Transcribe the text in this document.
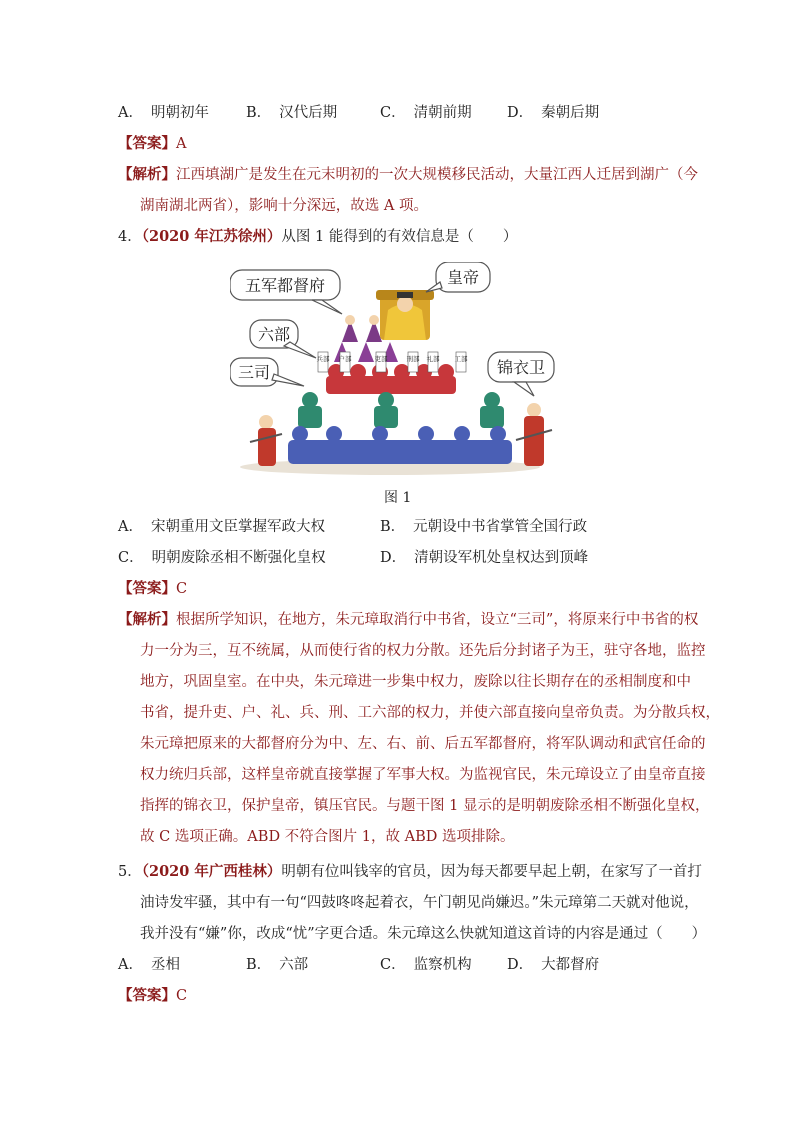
A． 明朝初年	B． 汉代后期	C． 清朝前期 D． 秦朝后期
【答案】A
【解析】江西填湖广是发生在元末明初的一次大规模移民活动，大量江西人迁居到湖广（今
湖南湖北两省），影响十分深远，故选 A 项。
4．（2020 年江苏徐州）从图 1 能得到的有效信息是（　　）
五军都督府	皇帝
六部
三司	锦衣卫
兵部 户部	吏部	刑部 礼部 工部
图 1
A． 宋朝重用文臣掌握军政大权	B． 元朝设中书省掌管全国行政
C． 明朝废除丞相不断强化皇权	D． 清朝设军机处皇权达到顶峰
【答案】C
【解析】根据所学知识，在地方，朱元璋取消行中书省，设立“三司”，将原来行中书省的权
力一分为三，互不统属，从而使行省的权力分散。还先后分封诸子为王，驻守各地，监控
地方，巩固皇室。在中央，朱元璋进一步集中权力，废除以往长期存在的丞相制度和中
书省，提升吏、户、礼、兵、刑、工六部的权力，并使六部直接向皇帝负责。为分散兵权，
朱元璋把原来的大都督府分为中、左、右、前、后五军都督府，将军队调动和武官任命的
权力统归兵部，这样皇帝就直接掌握了军事大权。为监视官民，朱元璋设立了由皇帝直接
指挥的锦衣卫，保护皇帝，镇压官民。与题干图 1 显示的是明朝废除丞相不断强化皇权，
故 C 选项正确。ABD 不符合图片 1，故 ABD 选项排除。
5．（2020 年广西桂林）明朝有位叫钱宰的官员，因为每天都要早起上朝，在家写了一首打
油诗发牢骚，其中有一句“四鼓咚咚起着衣，午门朝见尚嫌迟。”朱元璋第二天就对他说，
我并没有“嫌”你，改成“忧”字更合适。朱元璋这么快就知道这首诗的内容是通过（　　）
A． 丞相	B． 六部	C． 监察机构 D． 大都督府
【答案】C
